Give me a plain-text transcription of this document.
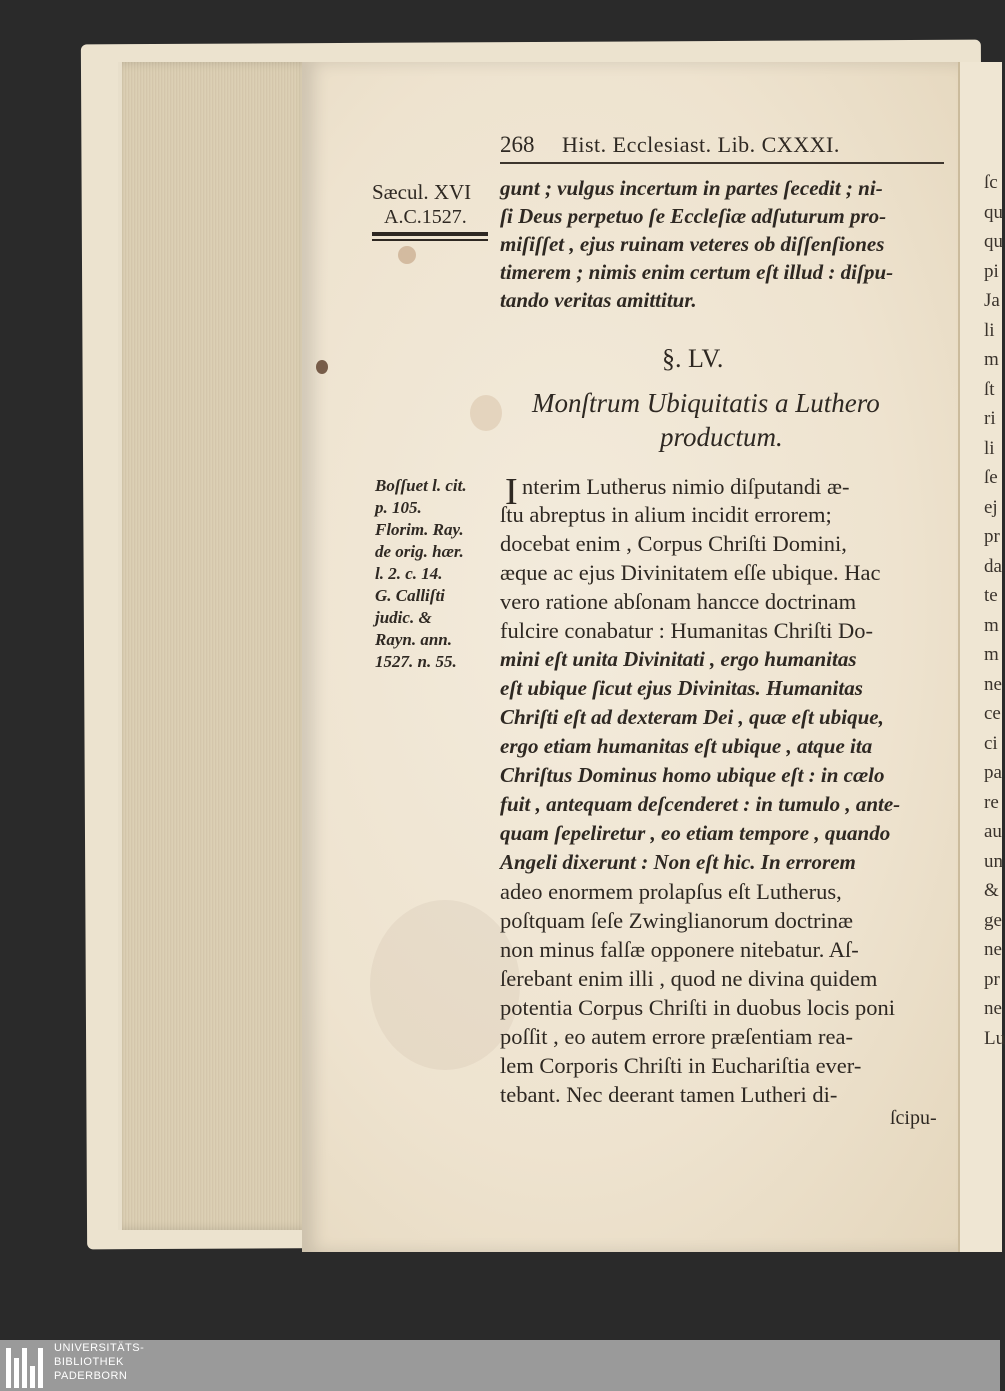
ſc
qu
qu
pi
Ja
li
m
ſt
ri
li
ſe
ej
pr
da
te
m
m
ne
ce
ci
pa
re
au
un
&
ge
ne
pr
ne
Lu
268 Hist. Ecclesiast. Lib. CXXXI.
Sæcul. XVI
A.C.1527.
gunt ; vulgus incertum in partes ſecedit ; ni-
ſi Deus perpetuo ſe Eccleſiæ adſuturum pro-
miſiſſet , ejus ruinam veteres ob diſſenſiones
timerem ; nimis enim certum eſt illud : diſpu-
tando veritas amittitur.
§. LV.
Monſtrum Ubiquitatis a Luthero
productum.
Boſſuet l. cit.
p. 105.
Florim. Ray.
de orig. hær.
l. 2. c. 14.
G. Calliſti
judic. &
Rayn. ann.
1527. n. 55.
I nterim Lutherus nimio diſputandi æ-
ſtu abreptus in alium incidit errorem;
docebat enim , Corpus Chriſti Domini,
æque ac ejus Divinitatem eſſe ubique. Hac
vero ratione abſonam hancce doctrinam
fulcire conabatur : Humanitas Chriſti Do-
mini eſt unita Divinitati , ergo humanitas
eſt ubique ſicut ejus Divinitas. Humanitas
Chriſti eſt ad dexteram Dei , quæ eſt ubique,
ergo etiam humanitas eſt ubique , atque ita
Chriſtus Dominus homo ubique eſt : in cælo
fuit , antequam deſcenderet : in tumulo , ante-
quam ſepeliretur , eo etiam tempore , quando
Angeli dixerunt : Non eſt hic. In errorem
adeo enormem prolapſus eſt Lutherus,
poſtquam ſeſe Zwinglianorum doctrinæ
non minus falſæ opponere nitebatur. Aſ-
ſerebant enim illi , quod ne divina quidem
potentia Corpus Chriſti in duobus locis poni
poſſit , eo autem errore præſentiam rea-
lem Corporis Chriſti in Euchariſtia ever-
tebant. Nec deerant tamen Lutheri di-
ſcipu-
UNIVERSITÄTS-
BIBLIOTHEK
PADERBORN
